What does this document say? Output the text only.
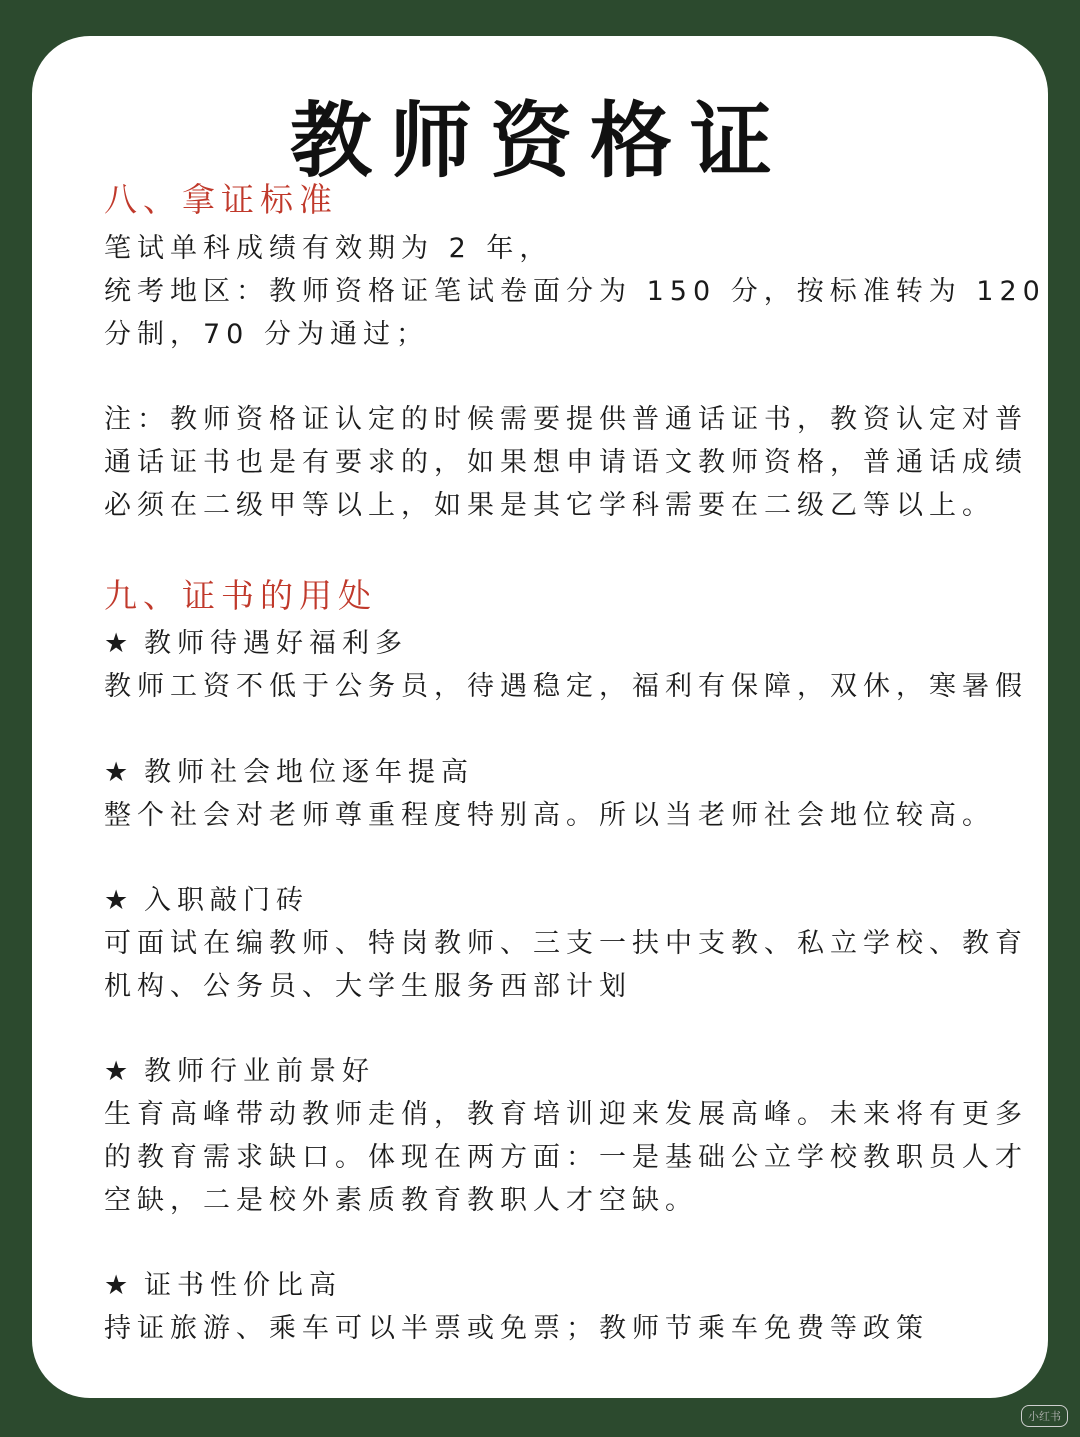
教师资格证
八、拿证标准
笔试单科成绩有效期为 2 年，
统考地区：教师资格证笔试卷面分为 150 分，按标准转为 120
分制，70 分为通过；
注：教师资格证认定的时候需要提供普通话证书，教资认定对普
通话证书也是有要求的，如果想申请语文教师资格，普通话成绩
必须在二级甲等以上，如果是其它学科需要在二级乙等以上。
九、证书的用处
★ 教师待遇好福利多
教师工资不低于公务员，待遇稳定，福利有保障，双休，寒暑假
★ 教师社会地位逐年提高
整个社会对老师尊重程度特别高。所以当老师社会地位较高。
★ 入职敲门砖
可面试在编教师、特岗教师、三支一扶中支教、私立学校、教育
机构、公务员、大学生服务西部计划
★ 教师行业前景好
生育高峰带动教师走俏，教育培训迎来发展高峰。未来将有更多
的教育需求缺口。体现在两方面：一是基础公立学校教职员人才
空缺，二是校外素质教育教职人才空缺。
★ 证书性价比高
持证旅游、乘车可以半票或免票；教师节乘车免费等政策
小红书
